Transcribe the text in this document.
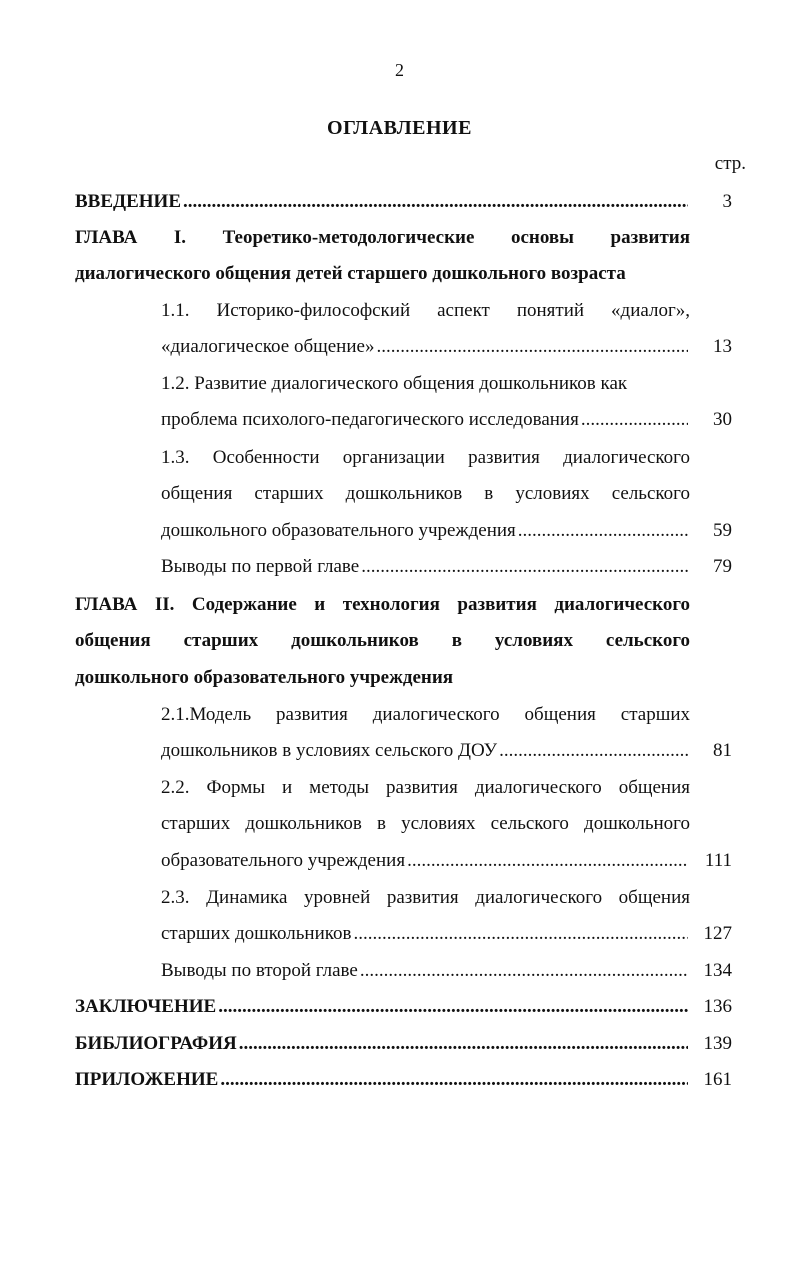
2
ОГЛАВЛЕНИЕ
стр.
ВВЕДЕНИЕ .....	3
ГЛАВА I. Теоретико-методологические основы развития
диалогического общения детей старшего дошкольного возраста
1.1. Историко-философский аспект понятий «диалог»,
«диалогическое общение» .....	13
1.2. Развитие диалогического общения дошкольников как
проблема психолого-педагогического исследования .....	30
1.3. Особенности организации развития диалогического
общения старших дошкольников в условиях сельского
дошкольного образовательного учреждения .....	59
Выводы по первой главе .....	79
ГЛАВА II. Содержание и технология развития диалогического
общения старших дошкольников в условиях сельского
дошкольного образовательного учреждения
2.1.Модель развития диалогического общения старших
дошкольников в условиях сельского ДОУ .....	81
2.2. Формы и методы развития диалогического общения
старших дошкольников в условиях сельского дошкольного
образовательного учреждения .....	111
2.3. Динамика уровней развития диалогического общения
старших дошкольников .....	127
Выводы по второй главе .....	134
ЗАКЛЮЧЕНИЕ .....	136
БИБЛИОГРАФИЯ .....	139
ПРИЛОЖЕНИЕ .....	161
